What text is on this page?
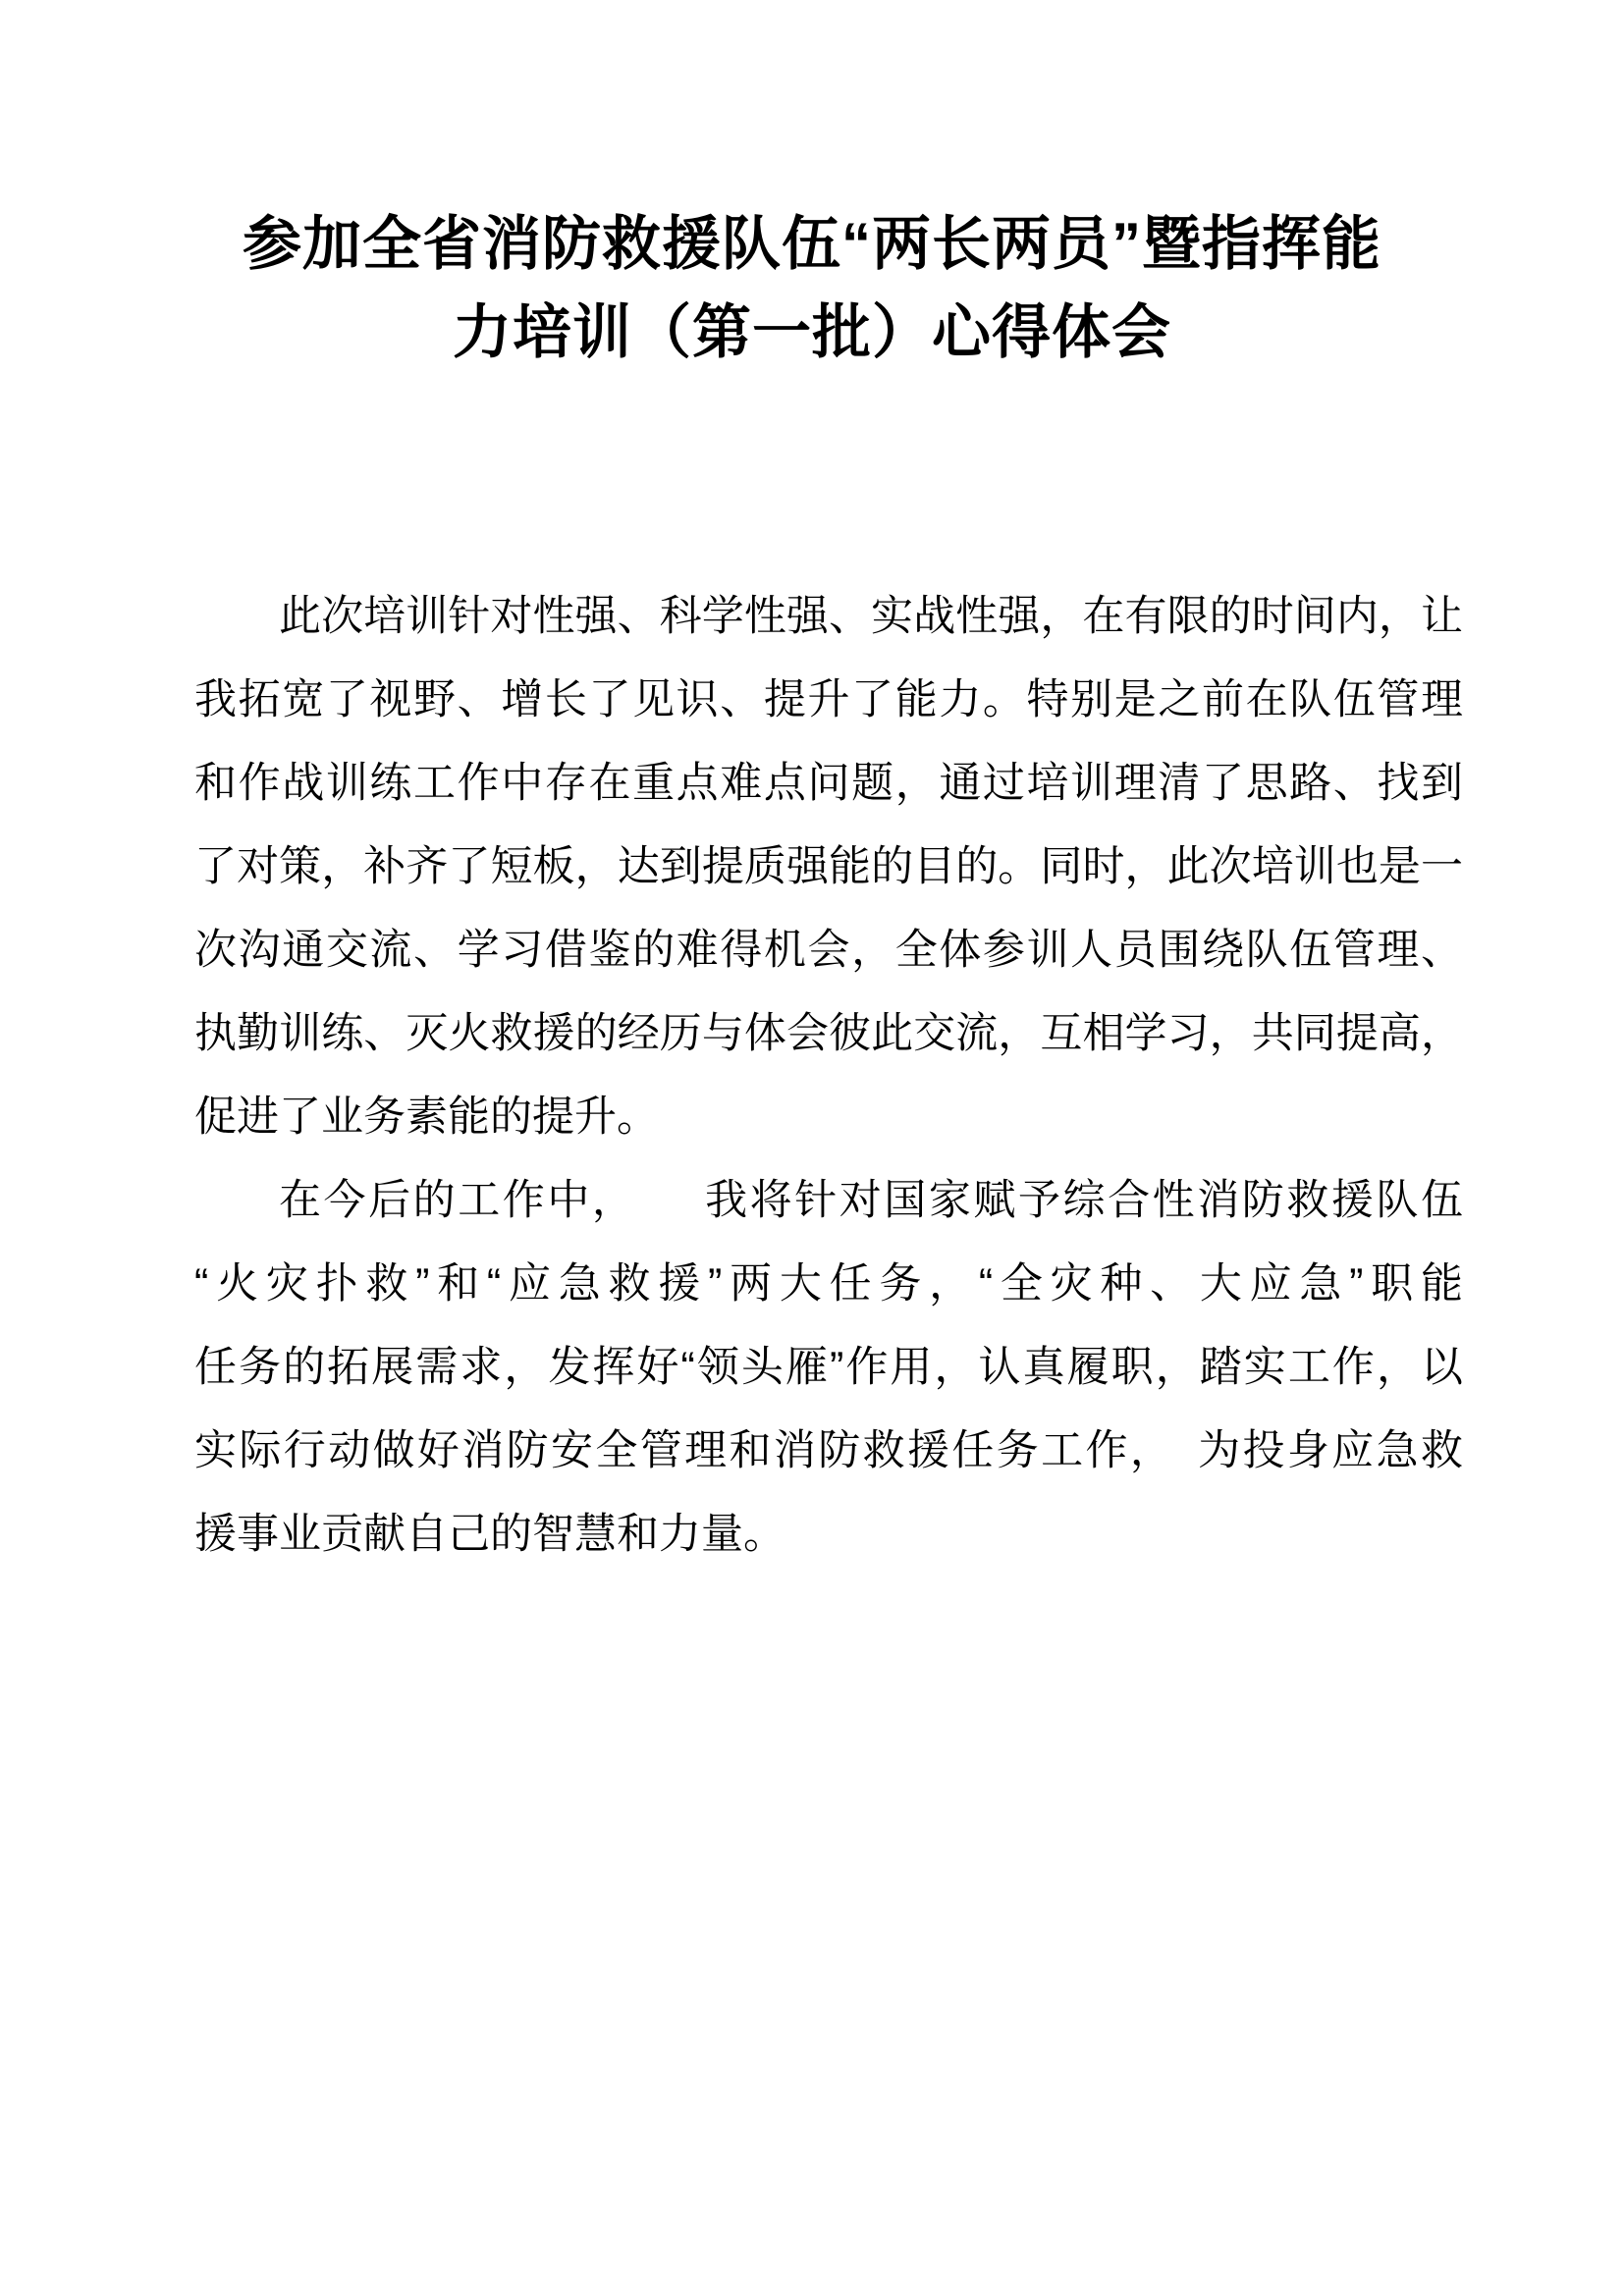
参加全省消防救援队伍“两长两员”暨指挥能
力培训（第一批）心得体会
此次培训针对性强、科学性强、实战性强，在有限的时间内，让
我拓宽了视野、增长了见识、提升了能力。特别是之前在队伍管理
和作战训练工作中存在重点难点问题，通过培训理清了思路、找到
了对策，补齐了短板，达到提质强能的目的。同时，此次培训也是一
次沟通交流、学习借鉴的难得机会，全体参训人员围绕队伍管理、
执勤训练、灭火救援的经历与体会彼此交流，互相学习，共同提高，
促进了业务素能的提升。
在今后的工作中，　　我将针对国家赋予综合性消防救援队伍
“火灾扑救”和“应急救援”两大任务，“全灾种、大应急”职能
任务的拓展需求，发挥好“领头雁”作用，认真履职，踏实工作，以
实际行动做好消防安全管理和消防救援任务工作，　为投身应急救
援事业贡献自己的智慧和力量。
